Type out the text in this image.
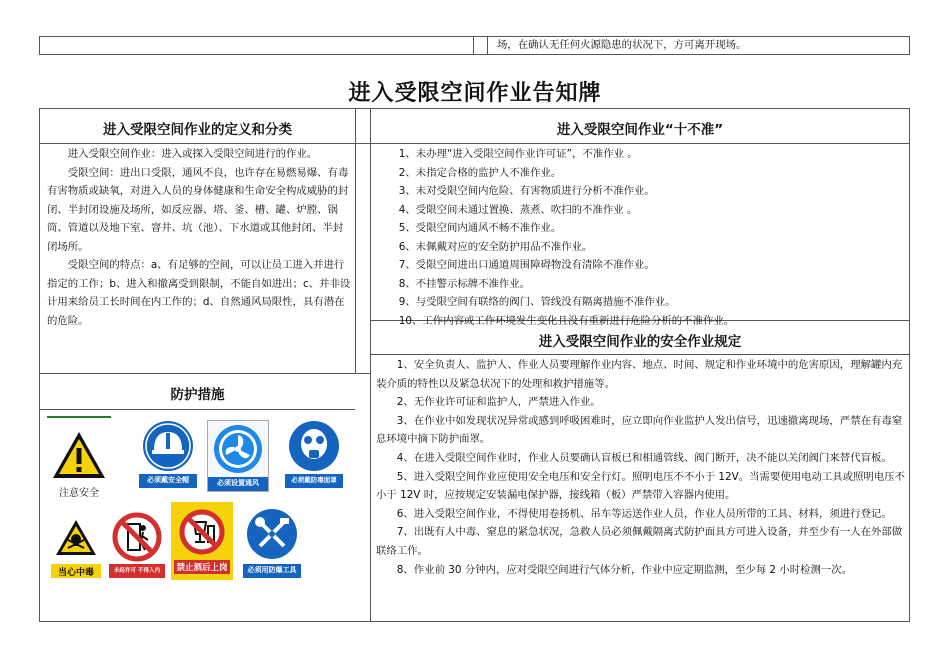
场，在确认无任何火源隐患的状况下，方可离开现场。
进入受限空间作业告知牌
进入受限空间作业的定义和分类

进入受限空间作业：进入或探入受限空间进行的作业。

受限空间：进出口受限，通风不良，也许存在易燃易爆、有毒有害物质或缺氧，对进入人员的身体健康和生命安全构成威胁的封闭、半封闭设施及场所，如反应器、塔、釜、槽、罐、炉膛、锅筒、管道以及地下室、窨井、坑（池）、下水道或其他封闭、半封闭场所。

受限空间的特点：a、有足够的空间，可以让员工进入并进行指定的工作；b、进入和撤离受到限制，不能自如进出；c、并非设计用来给员工长时间在内工作的；d、自然通风局限性，具有潜在的危险。

防护措施
注意安全
必须戴安全帽	必须设置通风	必须戴防毒面罩
当心中毒	未经许可 不得入内	禁止酒后上岗	必须用防爆工具
进入受限空间作业“十不准”

1、未办理“进入受限空间作业许可证”，不准作业 。

2、未指定合格的监护人不准作业。

3、未对受限空间内危险、有害物质进行分析不准作业。

4、受限空间未通过置换、蒸煮、吹扫的不准作业 。

5、受限空间内通风不畅不准作业。

6、未佩戴对应的安全防护用品不准作业。

7、受限空间进出口通道周围障碍物没有清除不准作业。

8、不挂警示标牌不准作业。

9、与受限空间有联络的阀门、管线没有隔离措施不准作业。

10、工作内容或工作环境发生变化且没有重新进行危险分析的不准作业。

进入受限空间作业的安全作业规定

1、安全负责人、监护人、作业人员要理解作业内容、地点、时间、规定和作业环境中的危害原因，理解罐内充装介质的特性以及紧急状况下的处理和救护措施等。

2、无作业许可证和监护人，严禁进入作业。

3、在作业中如发现状况异常或感到呼吸困难时，应立即向作业监护人发出信号，迅速撤离现场，严禁在有毒窒息环境中摘下防护面罩。

4、在进入受限空间作业时，作业人员要确认盲板已和相通管线、阀门断开，决不能以关闭阀门来替代盲板。

5、进入受限空间作业应使用安全电压和安全行灯。照明电压不不小于 12V。当需要使用电动工具或照明电压不小于 12V 时，应按规定安装漏电保护器，接线箱（板）严禁带入容器内使用。

6、进入受限空间作业，不得使用卷扬机、吊车等运送作业人员，作业人员所带的工具、材料，须进行登记。

7、出既有人中毒、窒息的紧急状况，急救人员必须佩戴隔离式防护面具方可进入设备，并至少有一人在外部做联络工作。

8、作业前 30 分钟内，应对受限空间进行气体分析，作业中应定期监测，至少每 2 小时检测一次。
